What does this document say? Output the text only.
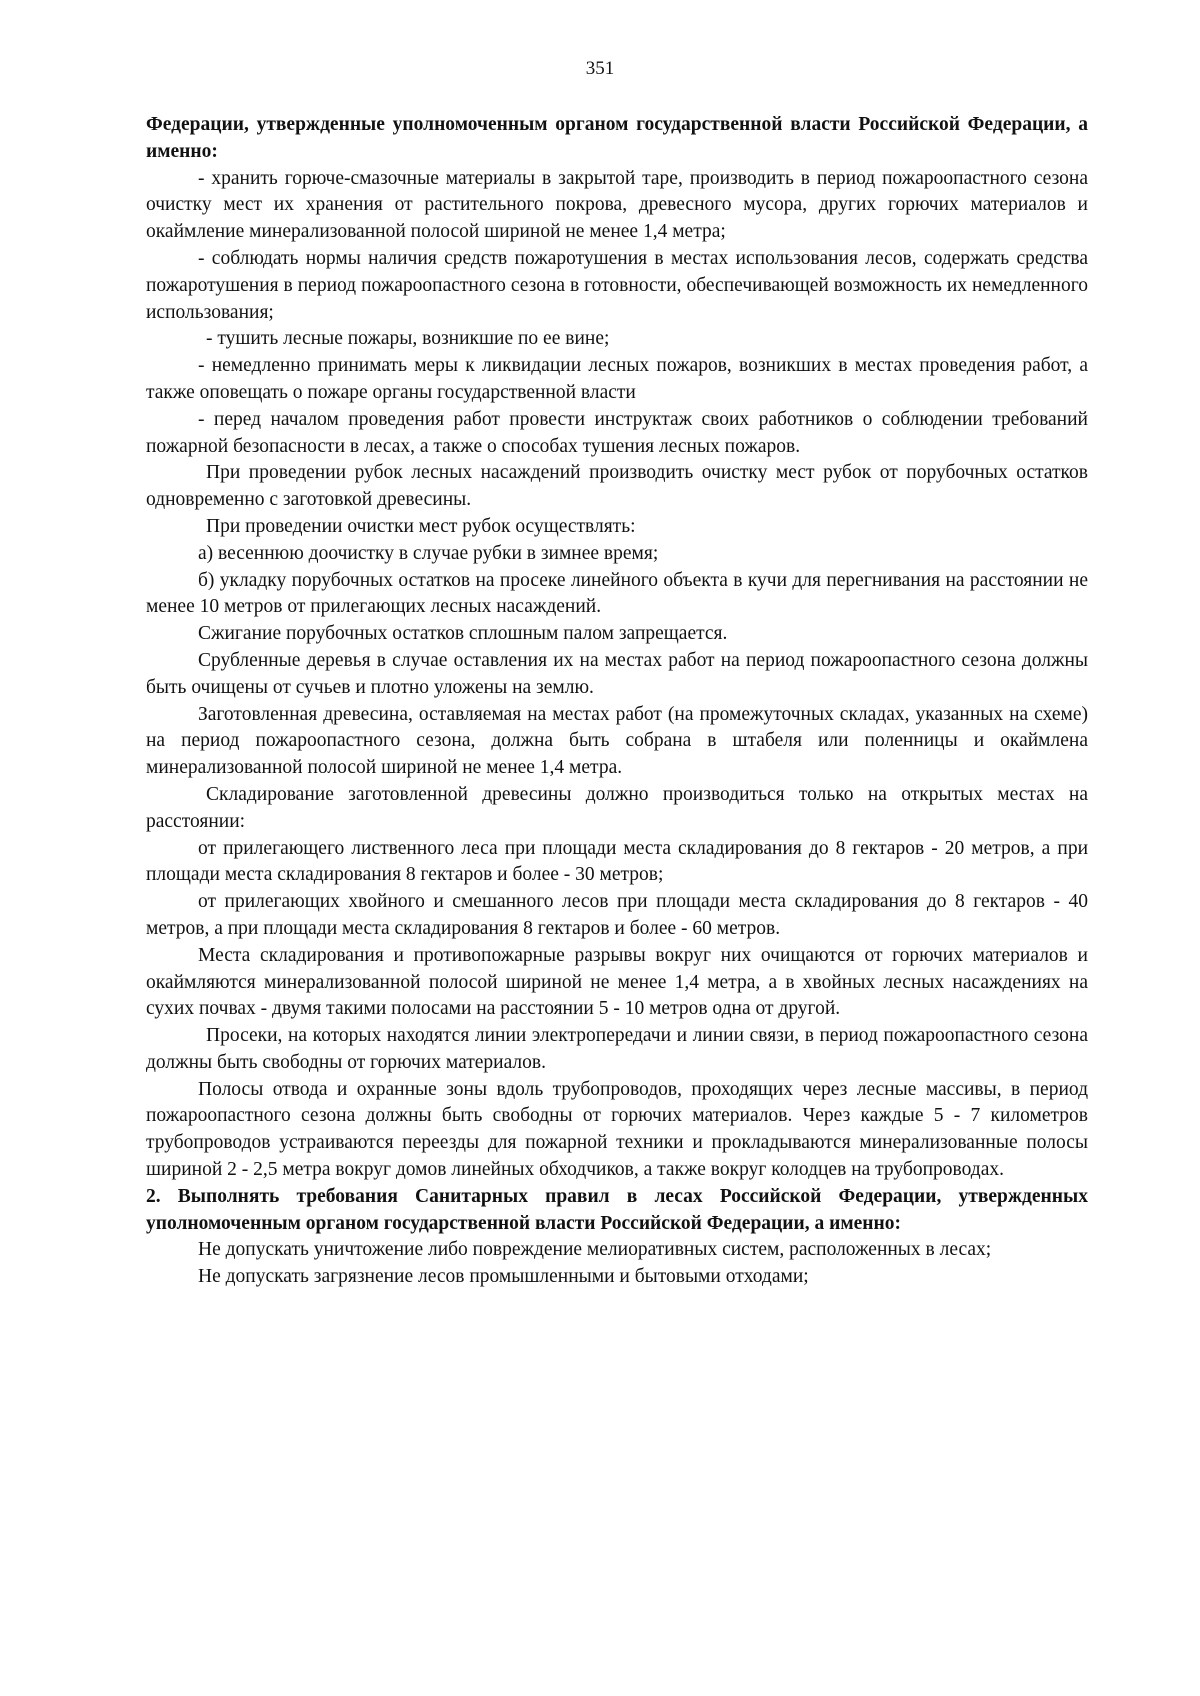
351

Федерации, утвержденные уполномоченным органом государственной власти Российской Федерации, а именно:

- хранить горюче-смазочные материалы в закрытой таре, производить в период пожароопастного сезона очистку мест их хранения от растительного покрова, древесного мусора, других горючих материалов и окаймление минерализованной полосой шириной не менее 1,4 метра;

- соблюдать нормы наличия средств пожаротушения в местах использования лесов, содержать средства пожаротушения в период пожароопастного сезона в готовности, обеспечивающей возможность их немедленного использования;

- тушить лесные пожары, возникшие по ее вине;

- немедленно принимать меры к ликвидации лесных пожаров, возникших в местах проведения работ, а также оповещать о пожаре органы государственной власти

- перед началом проведения работ провести инструктаж своих работников о соблюдении требований пожарной безопасности в лесах, а также о способах тушения лесных пожаров.

При проведении рубок лесных насаждений производить очистку мест рубок от порубочных остатков одновременно с заготовкой древесины.

При проведении очистки мест рубок осуществлять:

а) весеннюю доочистку в случае рубки в зимнее время;

б) укладку порубочных остатков на просеке линейного объекта в кучи для перегнивания на расстоянии не менее 10 метров от прилегающих лесных насаждений.

Сжигание порубочных остатков сплошным палом запрещается.

Срубленные деревья в случае оставления их на местах работ на период пожароопастного сезона должны быть очищены от сучьев и плотно уложены на землю.

Заготовленная древесина, оставляемая на местах работ (на промежуточных складах, указанных на схеме) на период пожароопастного сезона, должна быть собрана в штабеля или поленницы и окаймлена минерализованной полосой шириной не менее 1,4 метра.

Складирование заготовленной древесины должно производиться только на открытых местах на расстоянии:

от прилегающего лиственного леса при площади места складирования до 8 гектаров - 20 метров, а при площади места складирования 8 гектаров и более - 30 метров;

от прилегающих хвойного и смешанного лесов при площади места складирования до 8 гектаров - 40 метров, а при площади места складирования 8 гектаров и более - 60 метров.

Места складирования и противопожарные разрывы вокруг них очищаются от горючих материалов и окаймляются минерализованной полосой шириной не менее 1,4 метра, а в хвойных лесных насаждениях на сухих почвах - двумя такими полосами на расстоянии 5 - 10 метров одна от другой.

Просеки, на которых находятся линии электропередачи и линии связи, в период пожароопастного сезона должны быть свободны от горючих материалов.

Полосы отвода и охранные зоны вдоль трубопроводов, проходящих через лесные массивы, в период пожароопастного сезона должны быть свободны от горючих материалов. Через каждые 5 - 7 километров трубопроводов устраиваются переезды для пожарной техники и прокладываются минерализованные полосы шириной 2 - 2,5 метра вокруг домов линейных обходчиков, а также вокруг колодцев на трубопроводах.

2. Выполнять требования Санитарных правил в лесах Российской Федерации, утвержденных уполномоченным органом государственной власти Российской Федерации, а именно:

Не допускать уничтожение либо повреждение мелиоративных систем, расположенных в лесах;

Не допускать загрязнение лесов промышленными и бытовыми отходами;
